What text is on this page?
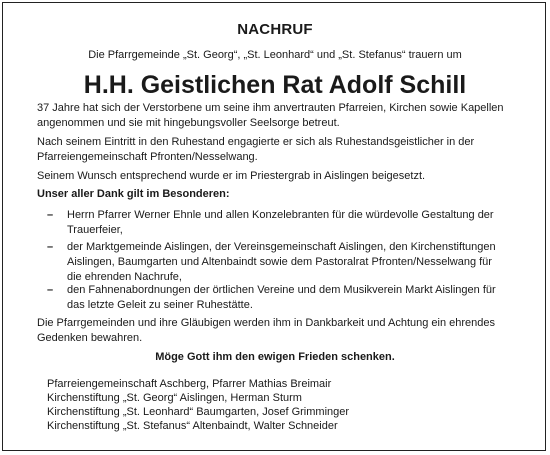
NACHRUF
Die Pfarrgemeinde „St. Georg“, „St. Leonhard“ und „St. Stefanus“ trauern um
H.H. Geistlichen Rat Adolf Schill
37 Jahre hat sich der Verstorbene um seine ihm anvertrauten Pfarreien, Kirchen sowie Kapellen angenommen und sie mit hingebungsvoller Seelsorge betreut.
Nach seinem Eintritt in den Ruhestand engagierte er sich als Ruhestandsgeistlicher in der Pfarreiengemeinschaft Pfronten/Nesselwang.
Seinem Wunsch entsprechend wurde er im Priestergrab in Aislingen beigesetzt.
Unser aller Dank gilt im Besonderen:
– Herrn Pfarrer Werner Ehnle und allen Konzelebranten für die würdevolle Gestaltung der Trauerfeier,
– der Marktgemeinde Aislingen, der Vereinsgemeinschaft Aislingen, den Kirchenstiftungen Aislingen, Baumgarten und Altenbaindt sowie dem Pastoralrat Pfronten/Nesselwang für die ehrenden Nachrufe,
– den Fahnenabordnungen der örtlichen Vereine und dem Musikverein Markt Aislingen für das letzte Geleit zu seiner Ruhestätte.
Die Pfarrgemeinden und ihre Gläubigen werden ihm in Dankbarkeit und Achtung ein ehrendes Gedenken bewahren.
Möge Gott ihm den ewigen Frieden schenken.
Pfarreiengemeinschaft Aschberg, Pfarrer Mathias Breimair
Kirchenstiftung „St. Georg“ Aislingen, Herman Sturm
Kirchenstiftung „St. Leonhard“ Baumgarten, Josef Grimminger
Kirchenstiftung „St. Stefanus“ Altenbaindt, Walter Schneider
